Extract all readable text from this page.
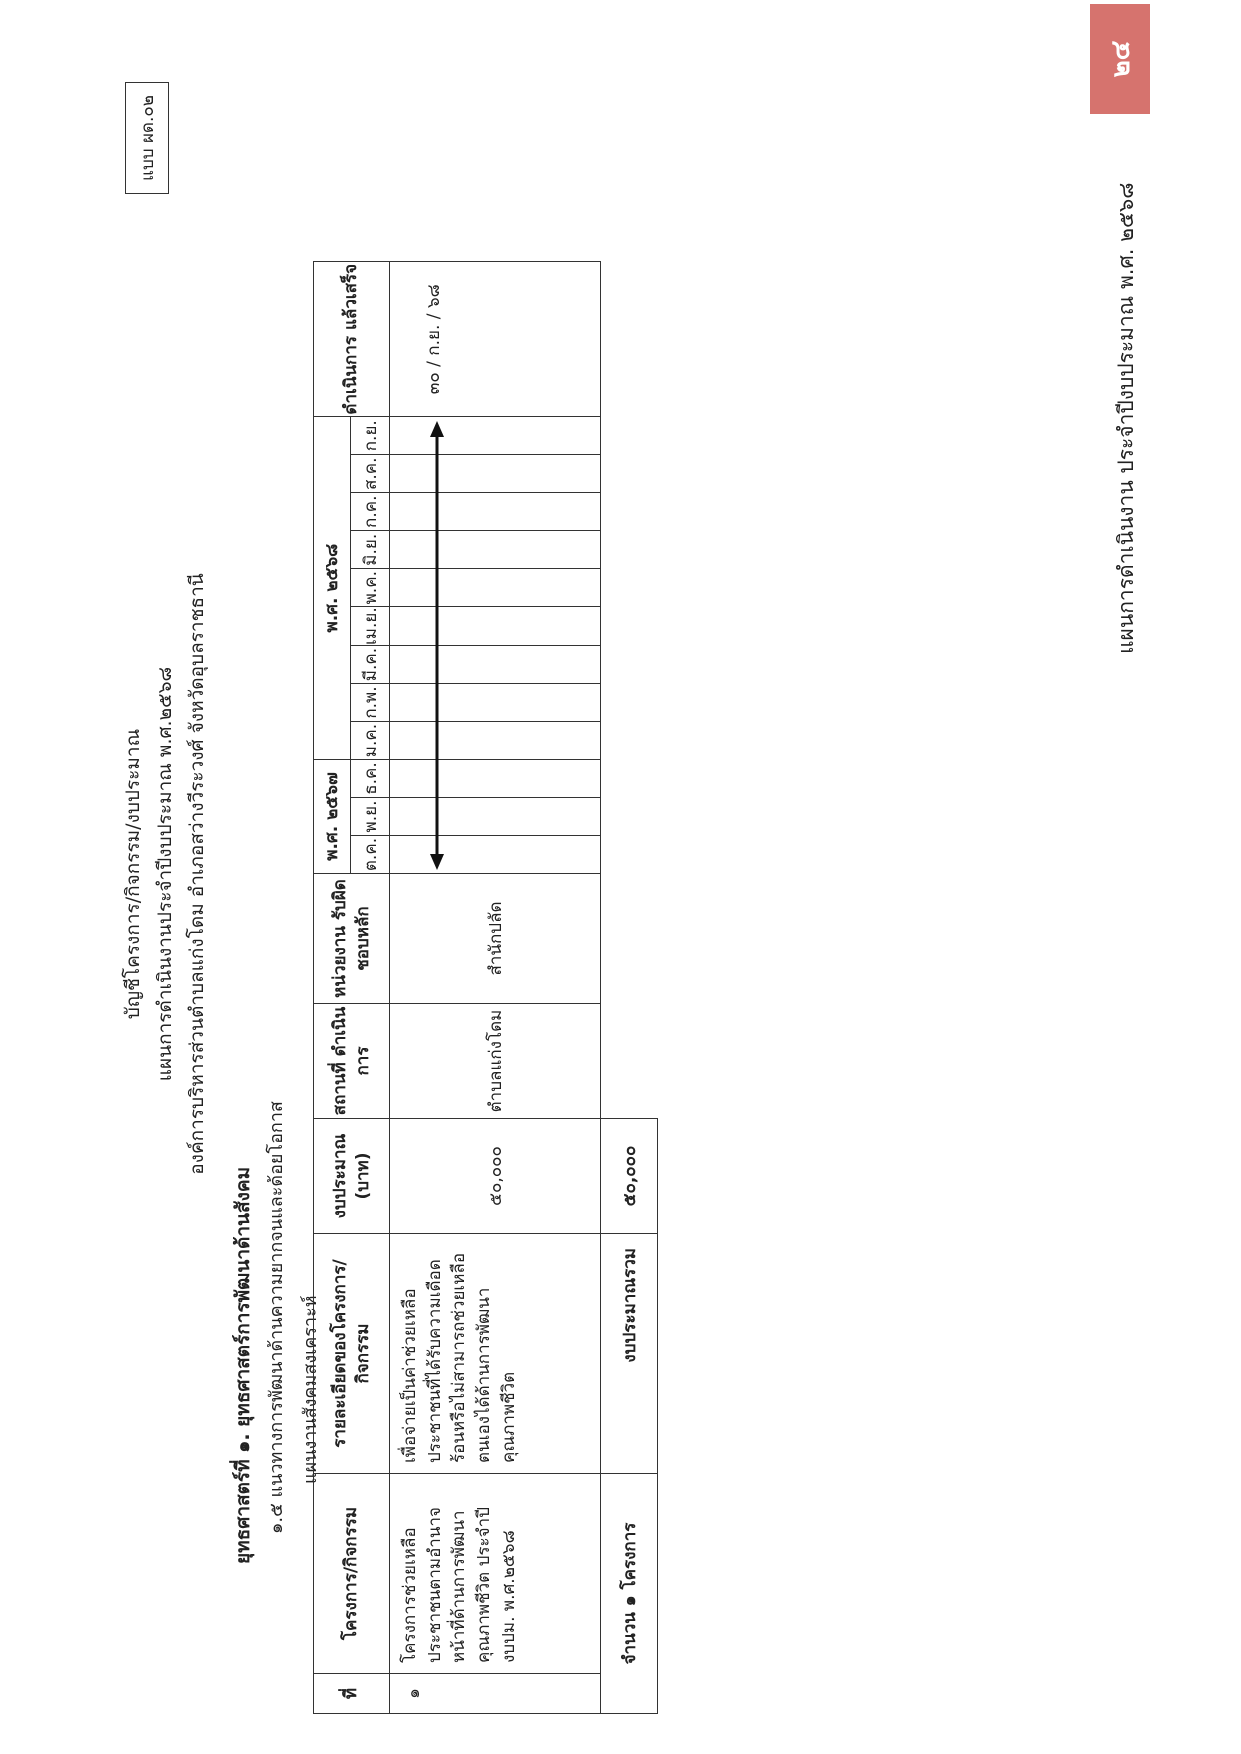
แบบ ผด.๐๒
บัญชีโครงการ/กิจกรรม/งบประมาณ แผนการดำเนินงานประจำปีงบประมาณ พ.ศ.๒๕๖๘ องค์การบริหารส่วนตำบลแก่งโดม อำเภอสว่างวีระวงศ์ จังหวัดอุบลราชธานี
ยุทธศาสตร์ที่ ๑. ยุทธศาสตร์การพัฒนาด้านสังคม ๑.๕ แนวทางการพัฒนาด้านความยากจนและด้อยโอกาส แผนงานสังคมสงเคราะห์
ที่	โครงการ/กิจกรรม	รายละเอียดของโครงการ/ กิจกรรม	งบประมาณ (บาท)	สถานที่ ดำเนินการ	หน่วยงาน รับผิดชอบหลัก	พ.ศ. ๒๕๖๗			พ.ศ. ๒๕๖๘									ดำเนินการ แล้วเสร็จ
						ต.ค.	พ.ย.	ธ.ค.	ม.ค.	ก.พ.	มี.ค.	เม.ย.	พ.ค.	มิ.ย.	ก.ค.	ส.ค.	ก.ย.	
๑	โครงการช่วยเหลือประชาชนตามอำนาจหน้าที่ด้านการพัฒนาคุณภาพชีวิต ประจำปี งบปม. พ.ศ.๒๕๖๘	เพื่อจ่ายเป็นค่าช่วยเหลือประชาชนที่ได้รับความเดือดร้อนหรือไม่สามารถช่วยเหลือตนเองได้ด้านการพัฒนาคุณภาพชีวิต	๕๐,๐๐๐	ตำบลแก่งโดม	สำนักปลัด													๓๐ / ก.ย. / ๖๘
จำนวน ๑ โครงการ		งบประมาณรวม	๕๐,๐๐๐															
แผนการดำเนินงาน ประจำปีงบประมาณ พ.ศ. ๒๕๖๘
๒๔
